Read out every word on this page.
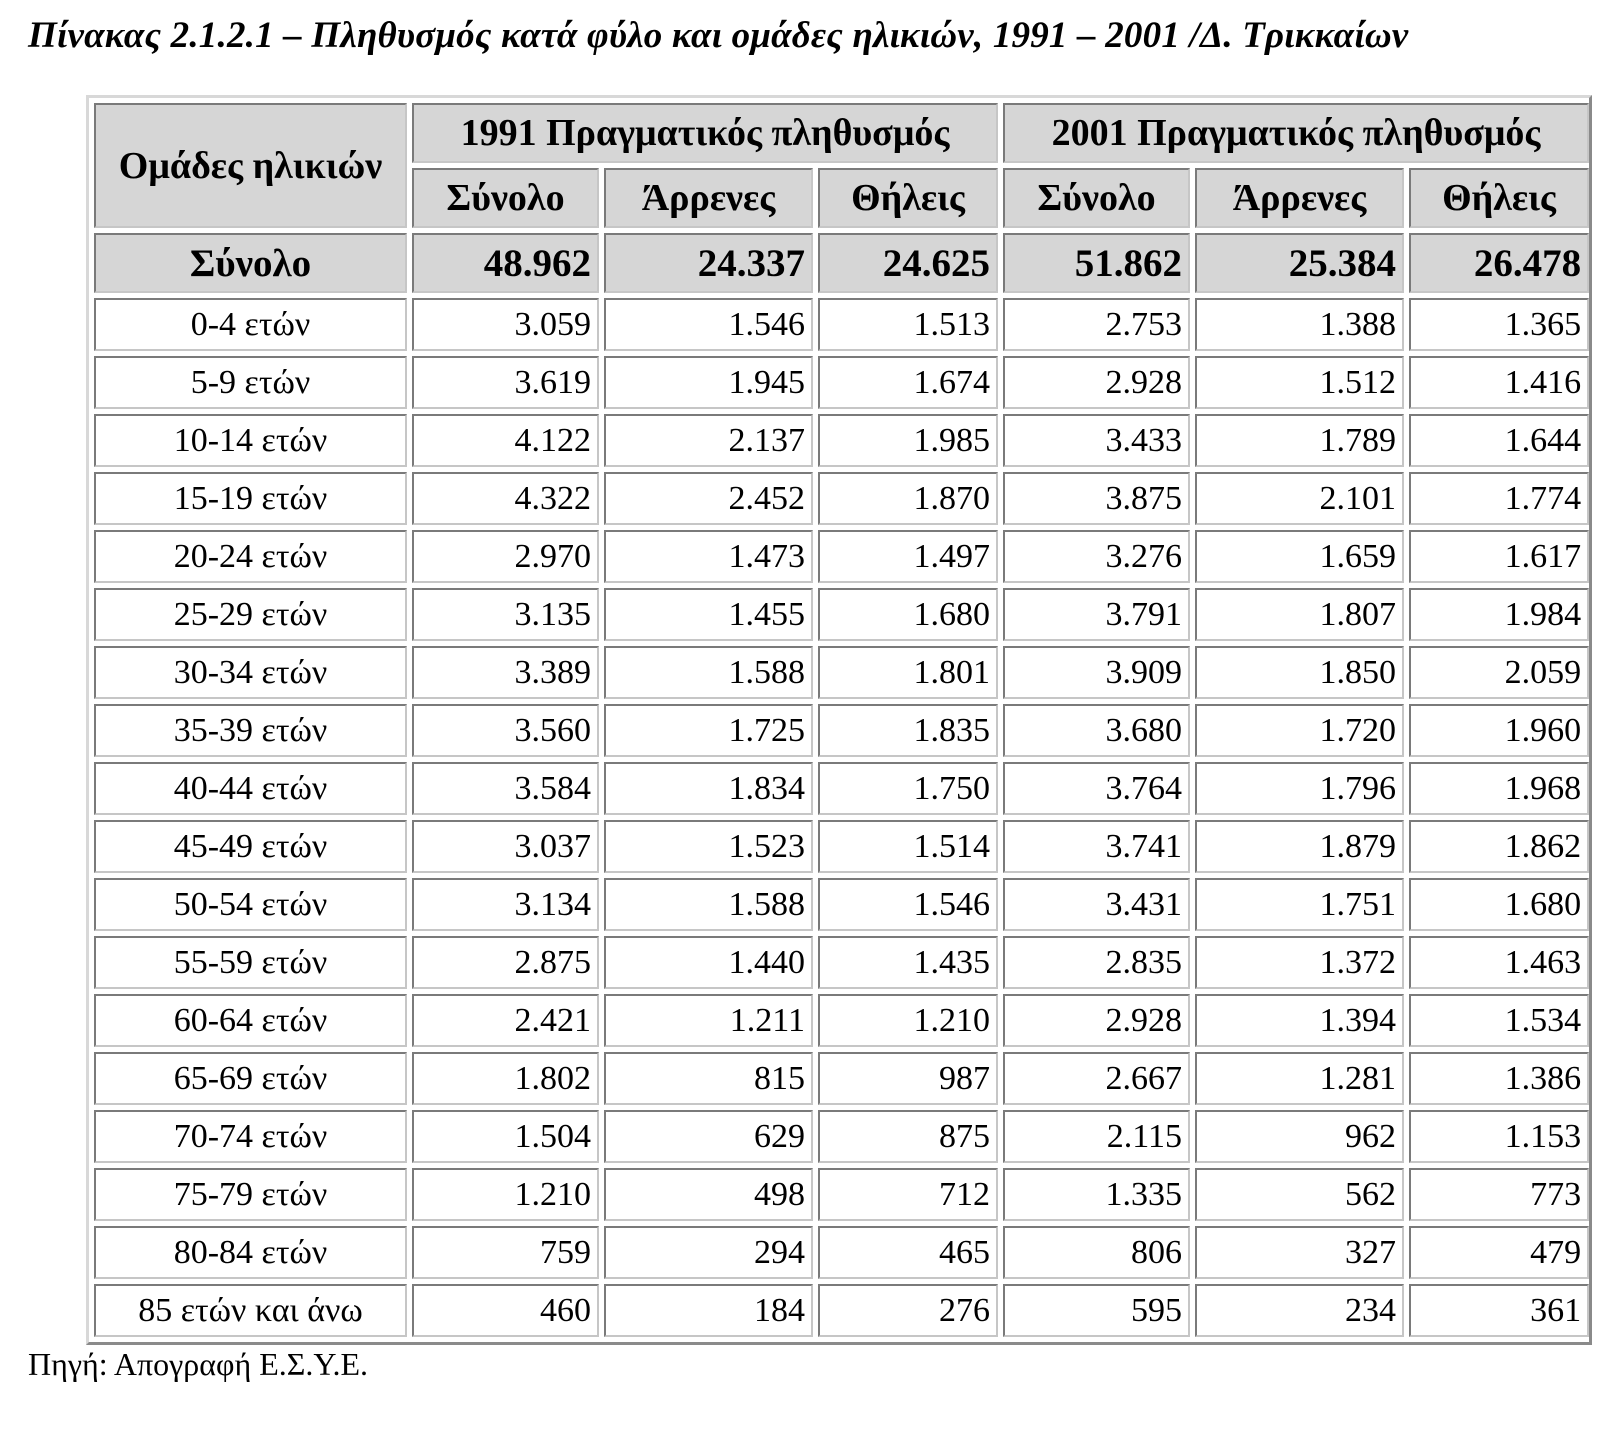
Πίνακας 2.1.2.1 – Πληθυσμός κατά φύλο και ομάδες ηλικιών, 1991 – 2001 /Δ. Τρικκαίων
Ομάδες ηλικιών	1991 Πραγματικός πληθυσμός			2001 Πραγματικός πληθυσμός		
	Σύνολο	Άρρενες	Θήλεις	Σύνολο	Άρρενες	Θήλεις
Σύνολο	48.962	24.337	24.625	51.862	25.384	26.478
0-4 ετών	3.059	1.546	1.513	2.753	1.388	1.365
5-9 ετών	3.619	1.945	1.674	2.928	1.512	1.416
10-14 ετών	4.122	2.137	1.985	3.433	1.789	1.644
15-19 ετών	4.322	2.452	1.870	3.875	2.101	1.774
20-24 ετών	2.970	1.473	1.497	3.276	1.659	1.617
25-29 ετών	3.135	1.455	1.680	3.791	1.807	1.984
30-34 ετών	3.389	1.588	1.801	3.909	1.850	2.059
35-39 ετών	3.560	1.725	1.835	3.680	1.720	1.960
40-44 ετών	3.584	1.834	1.750	3.764	1.796	1.968
45-49 ετών	3.037	1.523	1.514	3.741	1.879	1.862
50-54 ετών	3.134	1.588	1.546	3.431	1.751	1.680
55-59 ετών	2.875	1.440	1.435	2.835	1.372	1.463
60-64 ετών	2.421	1.211	1.210	2.928	1.394	1.534
65-69 ετών	1.802	815	987	2.667	1.281	1.386
70-74 ετών	1.504	629	875	2.115	962	1.153
75-79 ετών	1.210	498	712	1.335	562	773
80-84 ετών	759	294	465	806	327	479
85 ετών και άνω	460	184	276	595	234	361
Πηγή: Απογραφή Ε.Σ.Υ.Ε.
